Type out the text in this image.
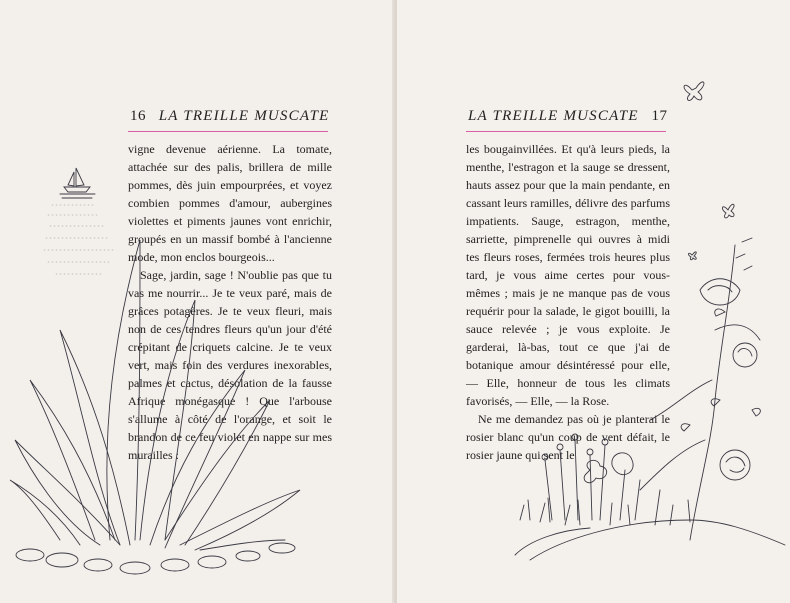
16 LA TREILLE MUSCATE	LA TREILLE MUSCATE 17

vigne devenue aérienne. La tomate, attachée sur des palis, brillera de mille pommes, dès juin empourprées, et voyez combien pommes d'amour, aubergines violettes et piments jaunes vont enrichir, groupés en un massif bombé à l'ancienne mode, mon enclos bourgeois...

Sage, jardin, sage ! N'oublie pas que tu vas me nourrir... Je te veux paré, mais de grâces potagères. Je te veux fleuri, mais non de ces tendres fleurs qu'un jour d'été crépitant de criquets calcine. Je te veux vert, mais foin des verdures inexorables, palmes et cactus, désolation de la fausse Afrique monégasque ! Que l'arbouse s'allume à côté de l'orange, et soit le brandon de ce feu violet en nappe sur mes murailles :

les bougainvillées. Et qu'à leurs pieds, la menthe, l'estragon et la sauge se dressent, hauts assez pour que la main pendante, en cassant leurs ramilles, délivre des parfums impatients. Sauge, estragon, menthe, sarriette, pimprenelle qui ouvres à midi tes fleurs roses, fermées trois heures plus tard, je vous aime certes pour vous-mêmes ; mais je ne manque pas de vous requérir pour la salade, le gigot bouilli, la sauce relevée ; je vous exploite. Je garderai, là-bas, tout ce que j'ai de botanique amour désintéressé pour elle, — Elle, honneur de tous les climats favorisés, — Elle, — la Rose.

Ne me demandez pas où je planterai le rosier blanc qu'un coup de vent défait, le rosier jaune qui sent le
